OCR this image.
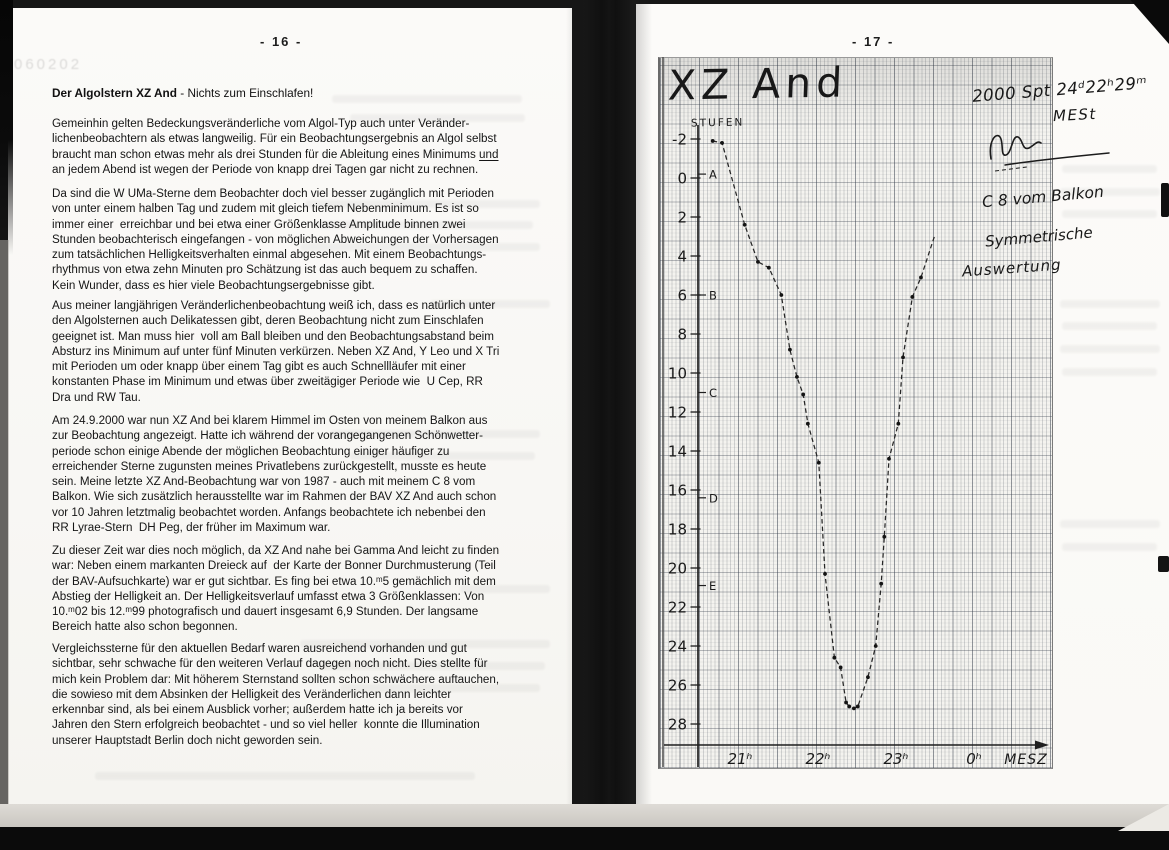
- 16 -
060202
Der Algolstern XZ And - Nichts zum Einschlafen!
Gemeinhin gelten Bedeckungsveränderliche vom Algol-Typ auch unter Veränder-
lichenbeobachtern als etwas langweilig. Für ein Beobachtungsergebnis an Algol selbst
braucht man schon etwas mehr als drei Stunden für die Ableitung eines Minimums und
an jedem Abend ist wegen der Periode von knapp drei Tagen gar nicht zu rechnen.
Da sind die W UMa-Sterne dem Beobachter doch viel besser zugänglich mit Perioden
von unter einem halben Tag und zudem mit gleich tiefem Nebenminimum. Es ist so
immer einer  erreichbar und bei etwa einer Größenklasse Amplitude binnen zwei
Stunden beobachterisch eingefangen - von möglichen Abweichungen der Vorhersagen
zum tatsächlichen Helligkeitsverhalten einmal abgesehen. Mit einem Beobachtungs-
rhythmus von etwa zehn Minuten pro Schätzung ist das auch bequem zu schaffen.
Kein Wunder, dass es hier viele Beobachtungsergebnisse gibt.
Aus meiner langjährigen Veränderlichenbeobachtung weiß ich, dass es natürlich unter
den Algolsternen auch Delikatessen gibt, deren Beobachtung nicht zum Einschlafen
geeignet ist. Man muss hier  voll am Ball bleiben und den Beobachtungsabstand beim
Absturz ins Minimum auf unter fünf Minuten verkürzen. Neben XZ And, Y Leo und X Tri
mit Perioden um oder knapp über einem Tag gibt es auch Schnellläufer mit einer
konstanten Phase im Minimum und etwas über zweitägiger Periode wie  U Cep, RR
Dra und RW Tau.
Am 24.9.2000 war nun XZ And bei klarem Himmel im Osten von meinem Balkon aus
zur Beobachtung angezeigt. Hatte ich während der vorangegangenen Schönwetter-
periode schon einige Abende der möglichen Beobachtung einiger häufiger zu
erreichender Sterne zugunsten meines Privatlebens zurückgestellt, musste es heute
sein. Meine letzte XZ And-Beobachtung war von 1987 - auch mit meinem C 8 vom
Balkon. Wie sich zusätzlich herausstellte war im Rahmen der BAV XZ And auch schon
vor 10 Jahren letztmalig beobachtet worden. Anfangs beobachtete ich nebenbei den
RR Lyrae-Stern  DH Peg, der früher im Maximum war.
Zu dieser Zeit war dies noch möglich, da XZ And nahe bei Gamma And leicht zu finden
war: Neben einem markanten Dreieck auf  der Karte der Bonner Durchmusterung (Teil
der BAV-Aufsuchkarte) war er gut sichtbar. Es fing bei etwa 10.ᵐ5 gemächlich mit dem
Abstieg der Helligkeit an. Der Helligkeitsverlauf umfasst etwa 3 Größenklassen: Von
10.ᵐ02 bis 12.ᵐ99 photografisch und dauert insgesamt 6,9 Stunden. Der langsame
Bereich hatte also schon begonnen.
Vergleichssterne für den aktuellen Bedarf waren ausreichend vorhanden und gut
sichtbar, sehr schwache für den weiteren Verlauf dagegen noch nicht. Dies stellte für
mich kein Problem dar: Mit höherem Sternstand sollten schon schwächere auftauchen,
die sowieso mit dem Absinken der Helligkeit des Veränderlichen dann leichter
erkennbar sind, als bei einem Ausblick vorher; außerdem hatte ich ja bereits vor
Jahren den Stern erfolgreich beobachtet - und so viel heller  konnte die Illumination
unserer Hauptstadt Berlin doch nicht geworden sein.
- 17 -
-2
0
2
4
6
8
10
12
14
16
18
20
22
24
26
28
A
B
C
D
E
21ʰ	22ʰ	23ʰ	0ʰ MESZ
XZ And
STUFEN
2000 Spt 24ᵈ22ʰ29ᵐ
MESt
C 8 vom Balkon
Symmetrische
Auswertung
